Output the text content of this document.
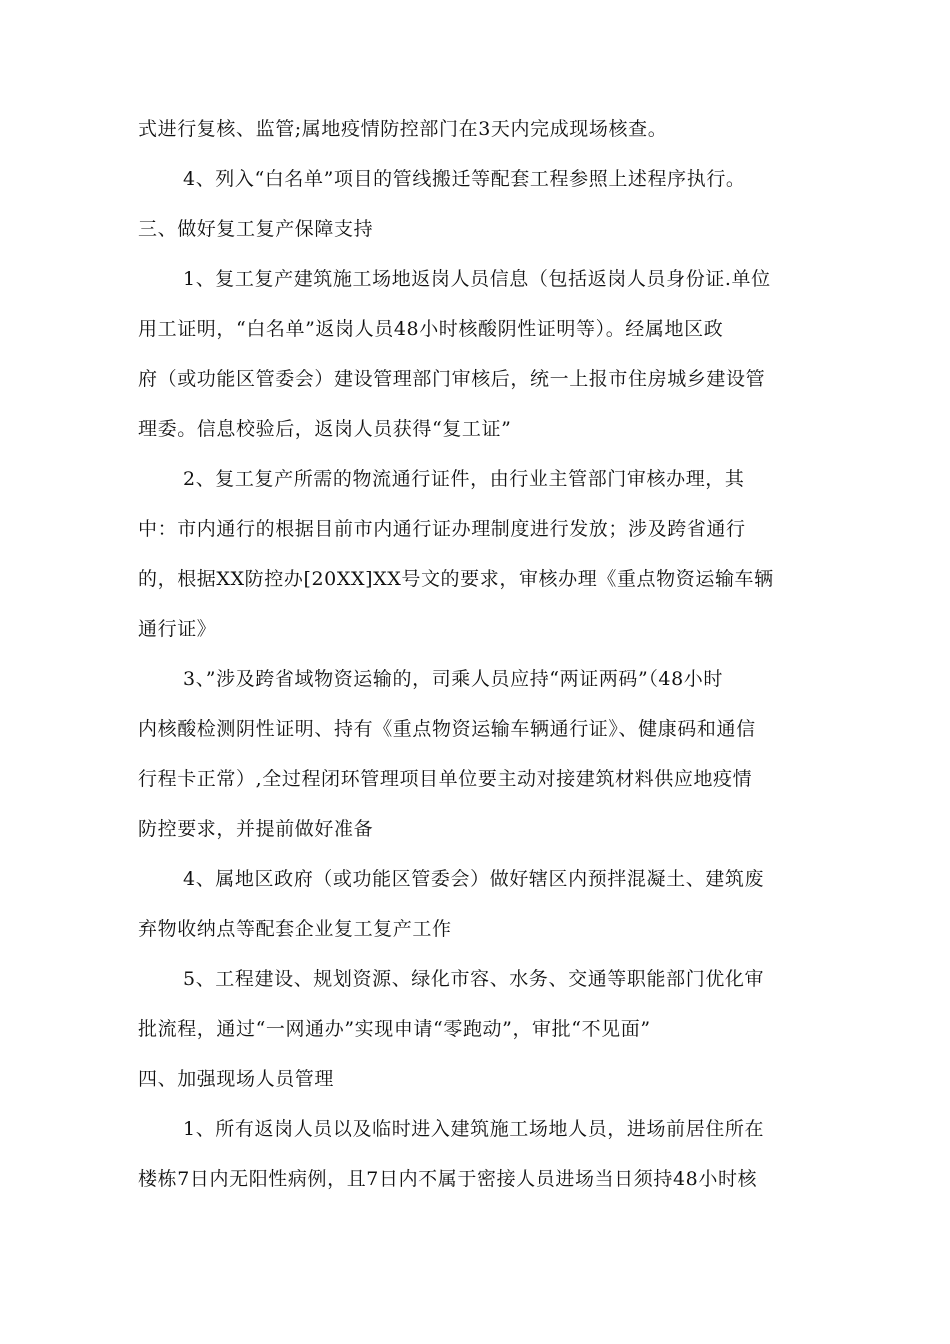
式进行复核、监管;属地疫情防控部门在3天内完成现场核查。
4、列入“白名单”项目的管线搬迁等配套工程参照上述程序执行。
三、做好复工复产保障支持
1、复工复产建筑施工场地返岗人员信息（包括返岗人员身份证.单位
用工证明，“白名单”返岗人员48小时核酸阴性证明等）。经属地区政
府（或功能区管委会）建设管理部门审核后，统一上报市住房城乡建设管
理委。信息校验后，返岗人员获得“复工证”
2、复工复产所需的物流通行证件，由行业主管部门审核办理，其
中：市内通行的根据目前市内通行证办理制度进行发放；涉及跨省通行
的，根据XX防控办[20XX]XX号文的要求，审核办理《重点物资运输车辆
通行证》
3、”涉及跨省域物资运输的，司乘人员应持“两证两码”（48小时
内核酸检测阴性证明、持有《重点物资运输车辆通行证》、健康码和通信
行程卡正常）,全过程闭环管理项目单位要主动对接建筑材料供应地疫情
防控要求，并提前做好准备
4、属地区政府（或功能区管委会）做好辖区内预拌混凝土、建筑废
弃物收纳点等配套企业复工复产工作
5、工程建设、规划资源、绿化市容、水务、交通等职能部门优化审
批流程，通过“一网通办”实现申请“零跑动”，审批“不见面”
四、加强现场人员管理
1、所有返岗人员以及临时进入建筑施工场地人员，进场前居住所在
楼栋7日内无阳性病例，且7日内不属于密接人员进场当日须持48小时核
